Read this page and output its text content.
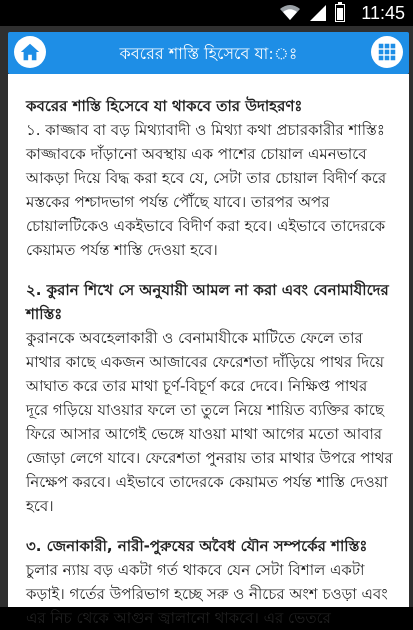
11:45
কবরের শাস্তি হিসেবে যা:ঃ
কবরের শাস্তি হিসেবে যা থাকবে তার উদাহরণঃ
১. কাজ্জাব বা বড় মিথ্যাবাদী ও মিথ্যা কথা প্রচারকারীর শাস্তিঃ কাজ্জাবকে দাঁড়ানো অবস্থায় এক পাশের চোয়াল এমনভাবে আকড়া দিয়ে বিদ্ধ করা হবে যে, সেটা তার চোয়াল বিদীর্ণ করে মস্তকের পশ্চাদভাগ পর্যন্ত পৌঁছে যাবে। তারপর অপর চোয়ালটিকেও একইভাবে বিদীর্ণ করা হবে। এইভাবে তাদেরকে কেয়ামত পর্যন্ত শাস্তি দেওয়া হবে।
২. কুরান শিখে সে অনুযায়ী আমল না করা এবং বেনামাযীদের শাস্তিঃ
কুরানকে অবহেলাকারী ও বেনামাযীকে মাটিতে ফেলে তার মাথার কাছে একজন আজাবের ফেরেশতা দাঁড়িয়ে পাথর দিয়ে আঘাত করে তার মাথা চূর্ণ-বিচূর্ণ করে দেবে। নিক্ষিপ্ত পাথর দূরে গড়িয়ে যাওয়ার ফলে তা তুলে নিয়ে শায়িত ব্যক্তির কাছে ফিরে আসার আগেই ভেঙ্গে যাওয়া মাথা আগের মতো আবার জোড়া লেগে যাবে। ফেরেশতা পুনরায় তার মাথার উপরে পাথর নিক্ষেপ করবে। এইভাবে তাদেরকে কেয়ামত পর্যন্ত শাস্তি দেওয়া হবে।
৩. জেনাকারী, নারী-পুরুষের অবৈধ যৌন সম্পর্কের শাস্তিঃ
চুলার ন্যায় বড় একটা গর্ত থাকবে যেন সেটা বিশাল একটা কড়াই। গর্তের উপরিভাগ হচ্ছে সরু ও নীচের অংশ চওড়া এবং এর নিচ থেকে আগুন জ্বালানো থাকবে। এর ভেতরে
